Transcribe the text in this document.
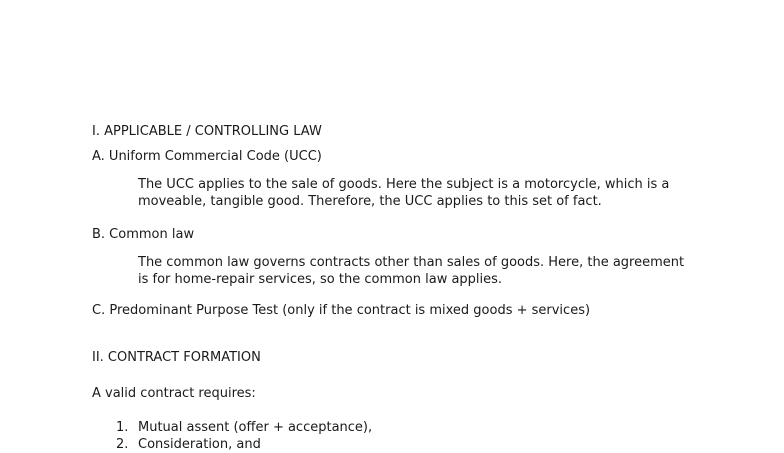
I. APPLICABLE / CONTROLLING LAW
A. Uniform Commercial Code (UCC)
The UCC applies to the sale of goods. Here the subject is a motorcycle, which is a moveable, tangible good. Therefore, the UCC applies to this set of fact.
B. Common law
The common law governs contracts other than sales of goods. Here, the agreement is for home-repair services, so the common law applies.
C. Predominant Purpose Test (only if the contract is mixed goods + services)
II. CONTRACT FORMATION
A valid contract requires:
1. Mutual assent (offer + acceptance),
2. Consideration, and
